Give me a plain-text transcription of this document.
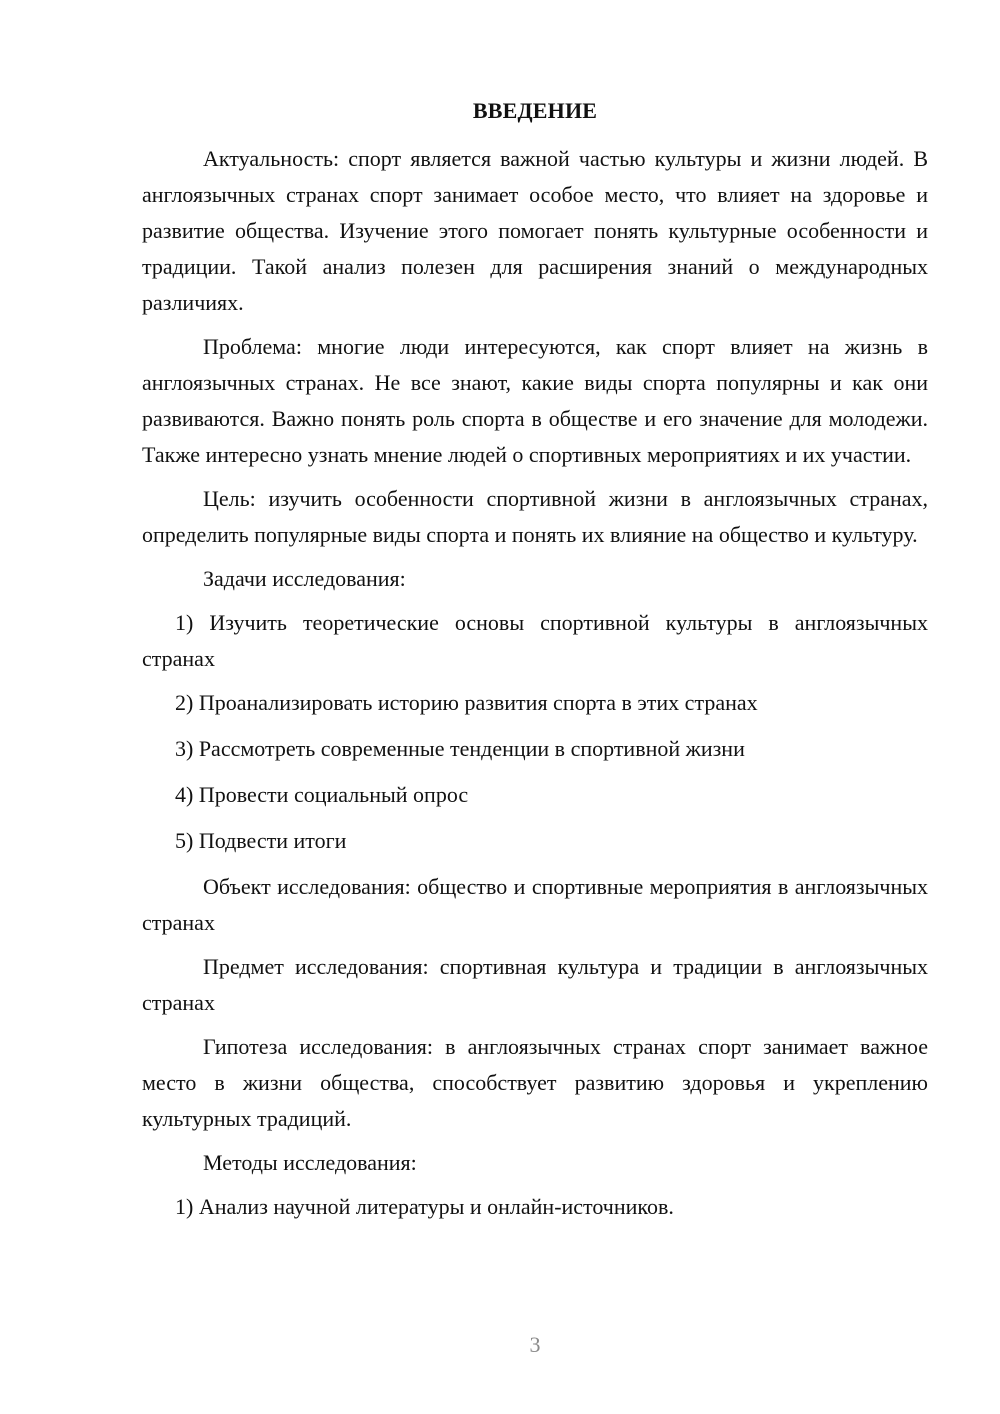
ВВЕДЕНИЕ

Актуальность: спорт является важной частью культуры и жизни людей. В англоязычных странах спорт занимает особое место, что влияет на здоровье и развитие общества. Изучение этого помогает понять культурные особенности и традиции. Такой анализ полезен для расширения знаний о международных различиях.

Проблема: многие люди интересуются, как спорт влияет на жизнь в англоязычных странах. Не все знают, какие виды спорта популярны и как они развиваются. Важно понять роль спорта в обществе и его значение для молодежи. Также интересно узнать мнение людей о спортивных мероприятиях и их участии.

Цель: изучить особенности спортивной жизни в англоязычных странах, определить популярные виды спорта и понять их влияние на общество и культуру.

Задачи исследования:

1) Изучить теоретические основы спортивной культуры в англоязычных странах

2) Проанализировать историю развития спорта в этих странах

3) Рассмотреть современные тенденции в спортивной жизни

4) Провести социальный опрос

5) Подвести итоги

Объект исследования: общество и спортивные мероприятия в англоязычных странах

Предмет исследования: спортивная культура и традиции в англоязычных странах

Гипотеза исследования: в англоязычных странах спорт занимает важное место в жизни общества, способствует развитию здоровья и укреплению культурных традиций.

Методы исследования:

1) Анализ научной литературы и онлайн-источников.

3
